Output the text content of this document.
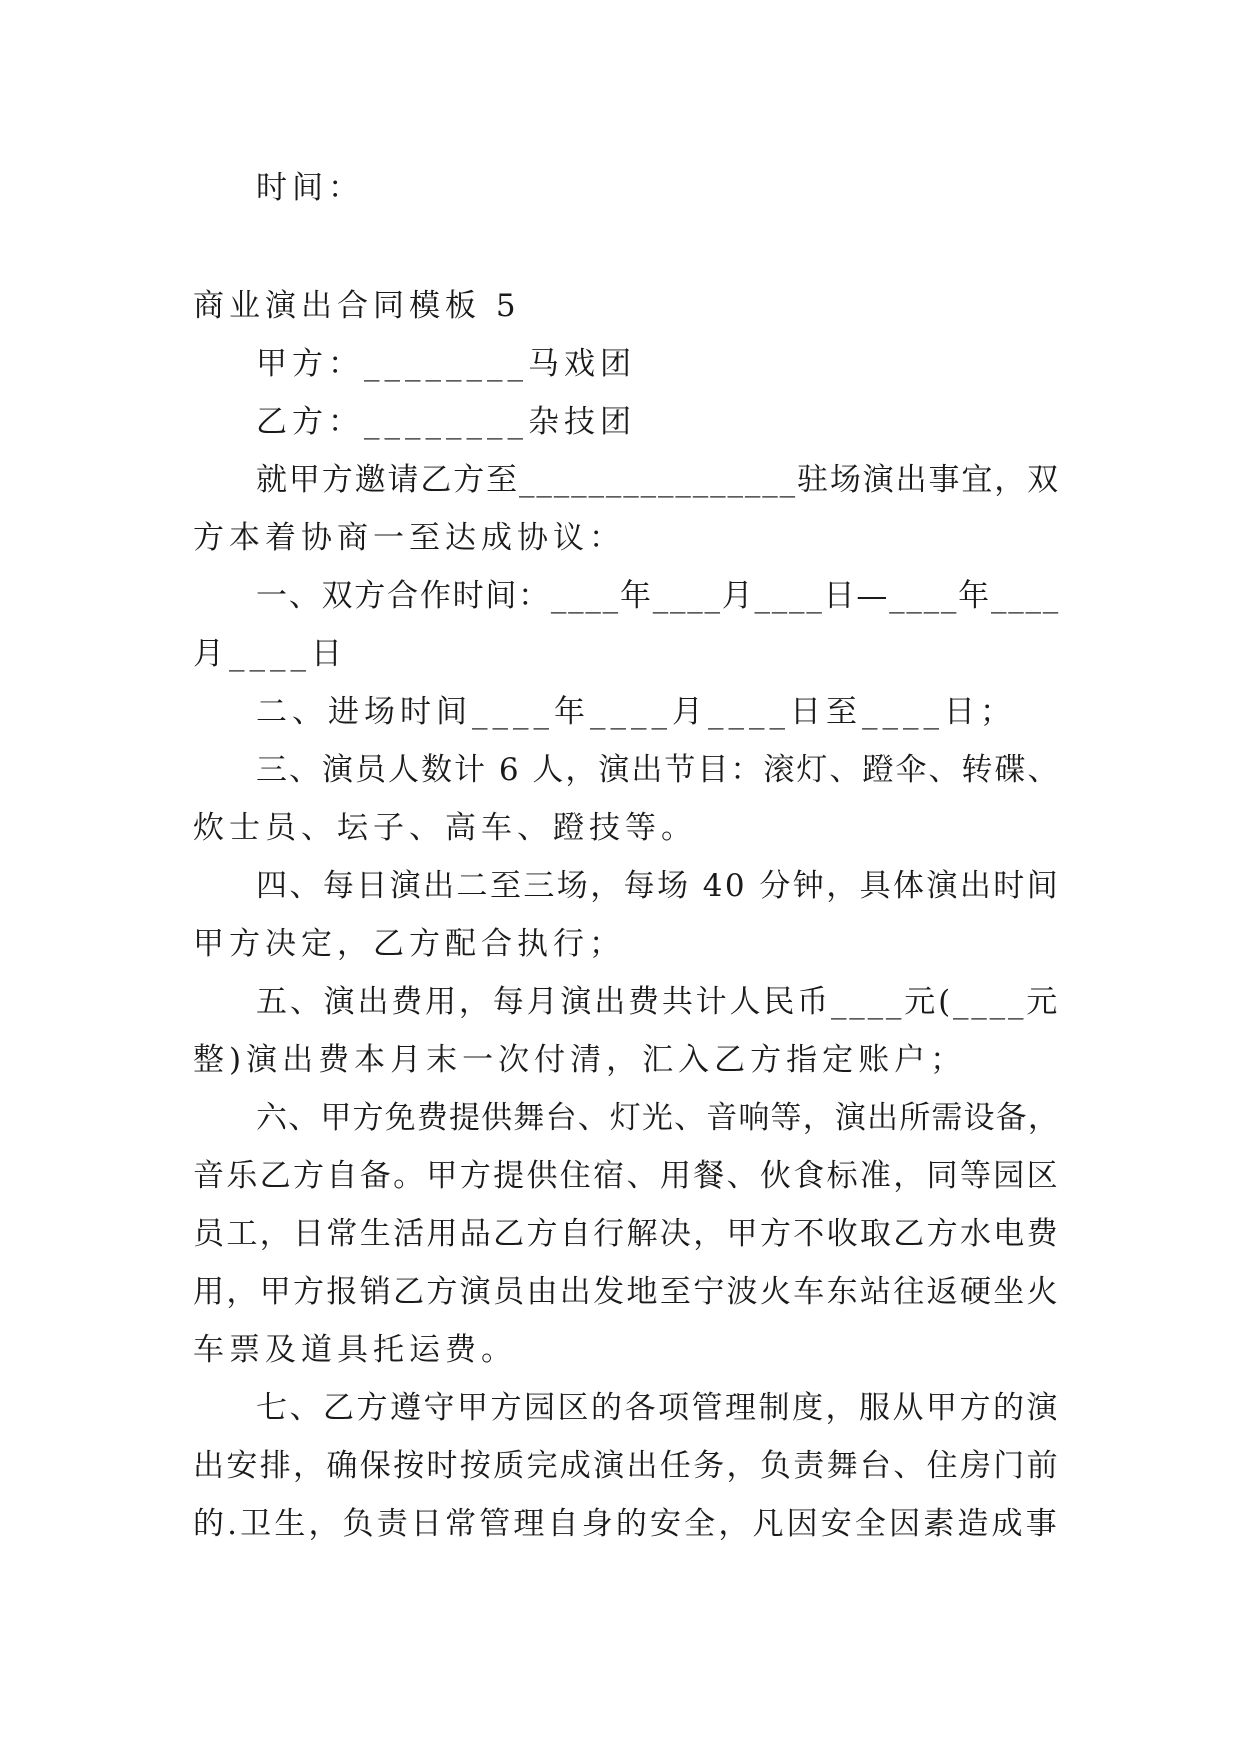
时间：
商业演出合同模板 5
甲方：________马戏团
乙方：________杂技团
就甲方邀请乙方至________________驻场演出事宜，双
方本着协商一至达成协议：
一、双方合作时间：____年____月____日—____年____
月____日
二、进场时间____年____月____日至____日；
三、演员人数计 6 人，演出节目：滚灯、蹬伞、转碟、
炊士员、坛子、高车、蹬技等。
四、每日演出二至三场，每场 40 分钟，具体演出时间
甲方决定，乙方配合执行；
五、演出费用，每月演出费共计人民币____元(____元
整)演出费本月末一次付清，汇入乙方指定账户；
六、甲方免费提供舞台、灯光、音响等，演出所需设备，
音乐乙方自备。甲方提供住宿、用餐、伙食标准，同等园区
员工，日常生活用品乙方自行解决，甲方不收取乙方水电费
用，甲方报销乙方演员由出发地至宁波火车东站往返硬坐火
车票及道具托运费。
七、乙方遵守甲方园区的各项管理制度，服从甲方的演
出安排，确保按时按质完成演出任务，负责舞台、住房门前
的.卫生，负责日常管理自身的安全，凡因安全因素造成事
